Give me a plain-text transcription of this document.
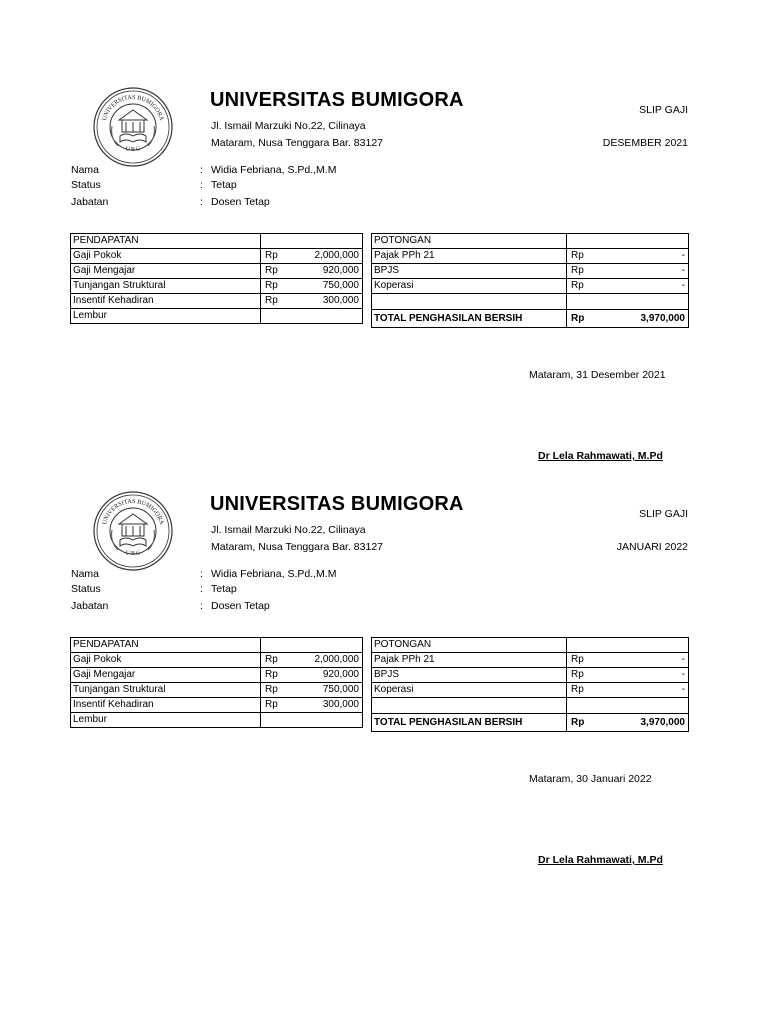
UNIVERSITAS BUMIGORA
U B G
UNIVERSITAS BUMIGORA
Jl. Ismail Marzuki No.22, Cilinaya
Mataram, Nusa Tenggara Bar. 83127
SLIP GAJI
DESEMBER 2021
Nama	: Widia Febriana, S.Pd.,M.M
Status	: Tetap
Jabatan	: Dosen Tetap
PENDAPATAN	
Gaji Pokok	Rp 2,000,000

Gaji Mengajar	Rp 920,000

Tunjangan Struktural	Rp 750,000

Insentif Kehadiran	Rp 300,000

Lembur	
POTONGAN	
Pajak PPh 21	Rp -

BPJS	Rp -

Koperasi	Rp -

TOTAL PENGHASILAN BERSIH	Rp 3,970,000
Mataram, 31 Desember 2021
Dr Lela Rahmawati, M.Pd
UNIVERSITAS BUMIGORA
U B G
UNIVERSITAS BUMIGORA
Jl. Ismail Marzuki No.22, Cilinaya
Mataram, Nusa Tenggara Bar. 83127
SLIP GAJI
JANUARI 2022
Nama	: Widia Febriana, S.Pd.,M.M
Status	: Tetap
Jabatan	: Dosen Tetap
PENDAPATAN	
Gaji Pokok	Rp 2,000,000

Gaji Mengajar	Rp 920,000

Tunjangan Struktural	Rp 750,000

Insentif Kehadiran	Rp 300,000

Lembur	
POTONGAN	
Pajak PPh 21	Rp -

BPJS	Rp -

Koperasi	Rp -

TOTAL PENGHASILAN BERSIH	Rp 3,970,000
Mataram, 30 Januari 2022
Dr Lela Rahmawati, M.Pd
